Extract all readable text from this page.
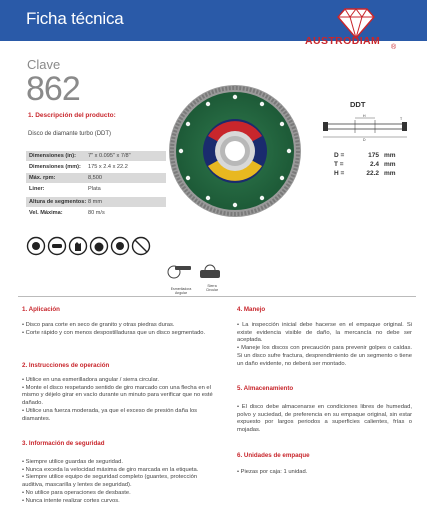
Ficha técnica
AUSTRODIAM
®
Clave
862
1. Descripción del producto:
Disco de diamante turbo (DDT)
Dimensiones (in): 7" x 0.095" x 7/8"
Dimensiones (mm): 175 x 2.4 x 22.2
Máx. rpm:	8,500
Liner:	Plata
Altura de segmentos: 8 mm
Vel. Máxima:	80 m/s
DDT
H
T
D
D =	175 mm
T =	2.4 mm
H =	22.2 mm
Esmeriladora Angular
Sierra Circular
1. Aplicación

• Disco para corte en seco de granito y otras piedras duras.

• Corte rápido y con menos despostilladuras que un disco segmentado.

2. Instrucciones de operación

• Utilice en una esmerilladora angular / sierra circular.

• Monte el disco respetando sentido de giro marcado con una flecha en el mismo y déjelo girar en vacío durante un minuto para verificar que no esté dañado.

• Utilice una fuerza moderada, ya que el exceso de presión daña los diamantes.

3. Información de seguridad

• Siempre utilice guardas de seguridad.

• Nunca exceda la velocidad máxima de giro marcada en la etiqueta.

• Siempre utilice equipo de seguridad completo (guantes, protección auditiva, mascarilla y lentes de seguridad).

• No utilice para operaciones de desbaste.

• Nunca intente realizar cortes curvos.

4. Manejo

• La inspección inicial debe hacerse en el empaque original. Si existe evidencia visible de daño, la mercancía no debe ser aceptada.

• Maneje los discos con precaución para prevenir golpes o caídas. Si un disco sufre fractura, desprendimiento de un segmento o tiene un daño evidente, no deberá ser montado.

5. Almacenamiento

• El disco debe almacenarse en condiciones libres de humedad, polvo y suciedad, de preferencia en su empaque original, sin estar expuesto por largos periodos a superficies calientes, frías o mojadas.

6. Unidades de empaque

• Piezas por caja: 1 unidad.
